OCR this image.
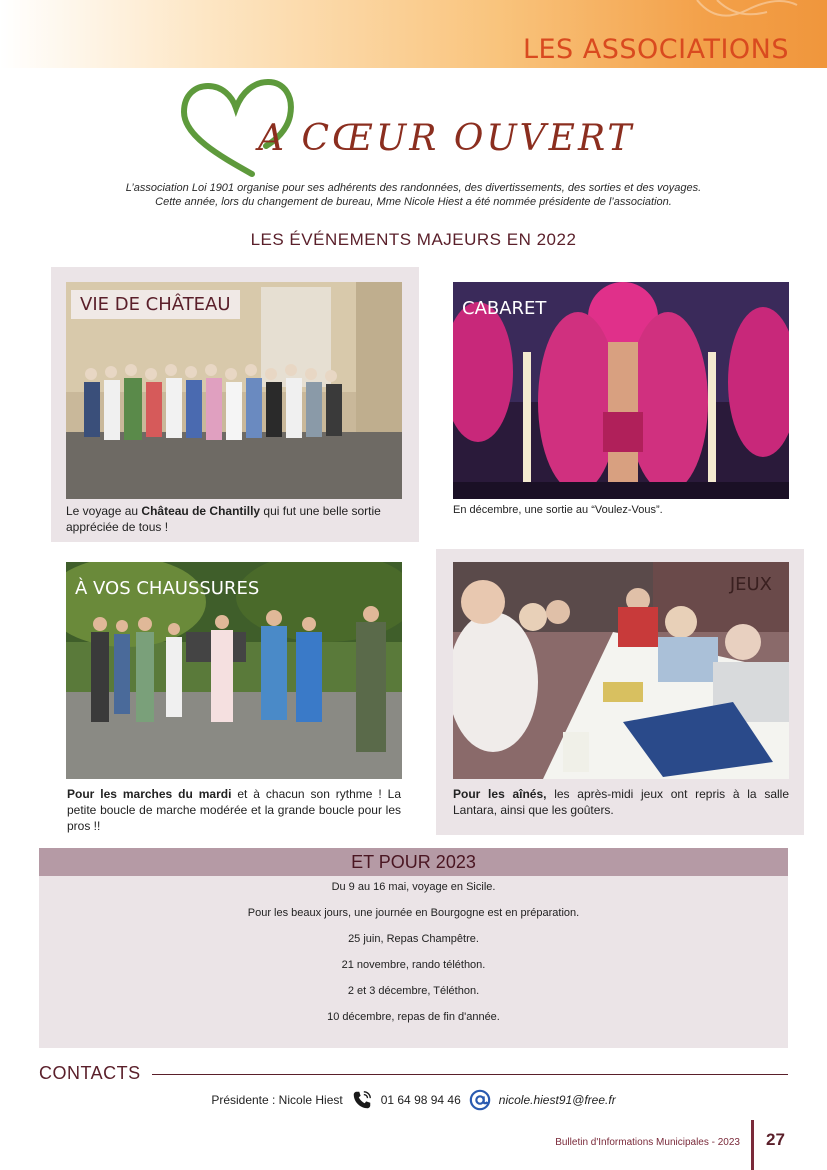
LES ASSOCIATIONS
A CŒUR OUVERT

L’association Loi 1901 organise pour ses adhérents des randonnées, des divertissements, des sorties et des voyages.

Cette année, lors du changement de bureau, Mme Nicole Hiest a été nommée présidente de l’association.

LES ÉVÉNEMENTS MAJEURS EN 2022
VIE DE CHÂTEAU
Le voyage au Château de Chantilly qui fut une belle sortie appréciée de tous !
CABARET
En décembre, une sortie au “Voulez-Vous”.
À VOS CHAUSSURES
Pour les marches du mardi et à chacun son rythme ! La petite boucle de marche modérée et la grande boucle pour les pros !!
JEUX
Pour les aînés, les après-midi jeux ont repris à la salle Lantara, ainsi que les goûters.
ET POUR 2023
Du 9 au 16 mai, voyage en Sicile.
Pour les beaux jours, une journée en Bourgogne est en préparation.
25 juin, Repas Champêtre.
21 novembre, rando téléthon.
2 et 3 décembre, Téléthon.
10 décembre, repas de fin d'année.
CONTACTS
Présidente : Nicole Hiest	01 64 98 94 46	nicole.hiest91@free.fr
Bulletin d'Informations Municipales - 2023 27
